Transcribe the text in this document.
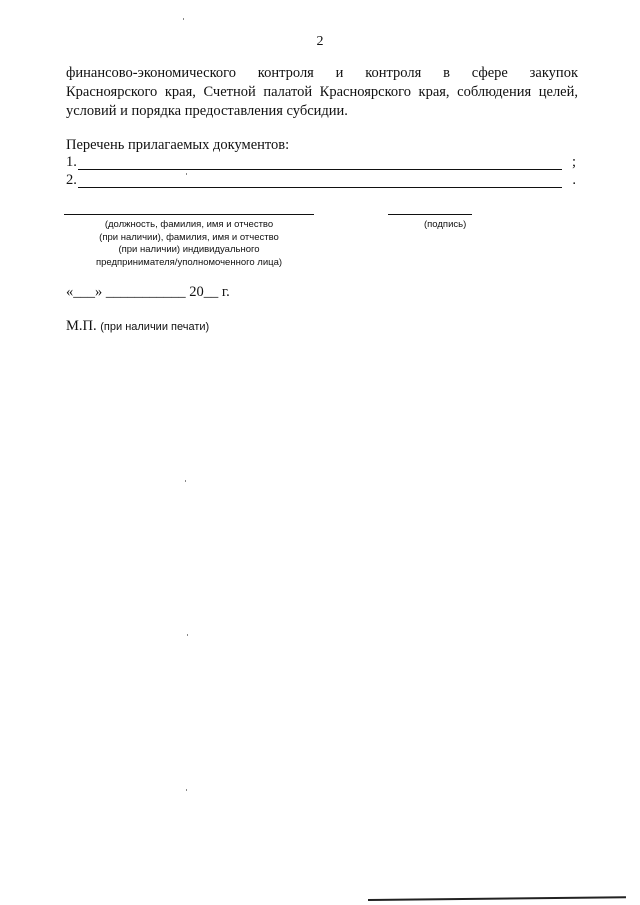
2
финансово-экономического контроля и контроля в сфере закупок
Красноярского края, Счетной палатой Красноярского края, соблюдения целей,
условий и порядка предоставления субсидии.
Перечень прилагаемых документов:
1.	;
2.	.
(должность, фамилия, имя и отчество
(при наличии), фамилия, имя и отчество
(при наличии) индивидуального
предпринимателя/уполномоченного лица)
(подпись)
«___» ___________ 20__ г.
М.П. (при наличии печати)
